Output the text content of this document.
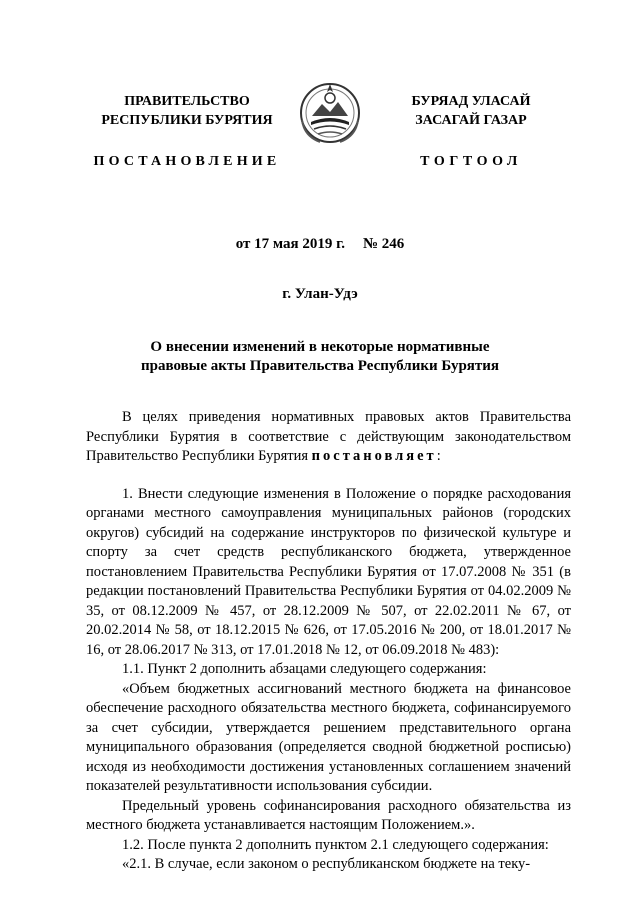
ПРАВИТЕЛЬСТВО
РЕСПУБЛИКИ БУРЯТИЯ
ПОСТАНОВЛЕНИЕ
БУРЯАД УЛАСАЙ
ЗАСАГАЙ ГАЗАР
ТОГТООЛ
от 17 мая 2019 г. № 246
г. Улан-Удэ
О внесении изменений в некоторые нормативные
правовые акты Правительства Республики Бурятия

В целях приведения нормативных правовых актов Правительства Республики Бурятия в соответствие с действующим законодательством Правительство Республики Бурятия постановляет:

1. Внести следующие изменения в Положение о порядке расходования органами местного самоуправления муниципальных районов (городских округов) субсидий на содержание инструкторов по физической культуре и спорту за счет средств республиканского бюджета, утвержденное постановлением Правительства Республики Бурятия от 17.07.2008 № 351 (в редакции постановлений Правительства Республики Бурятия от 04.02.2009 № 35, от 08.12.2009 № 457, от 28.12.2009 № 507, от 22.02.2011 № 67, от 20.02.2014 № 58, от 18.12.2015 № 626, от 17.05.2016 № 200, от 18.01.2017 № 16, от 28.06.2017 № 313, от 17.01.2018 № 12, от 06.09.2018 № 483):

1.1. Пункт 2 дополнить абзацами следующего содержания:

«Объем бюджетных ассигнований местного бюджета на финансовое обеспечение расходного обязательства местного бюджета, софинансируемого за счет субсидии, утверждается решением представительного органа муниципального образования (определяется сводной бюджетной росписью) исходя из необходимости достижения установленных соглашением значений показателей результативности использования субсидии.

Предельный уровень софинансирования расходного обязательства из местного бюджета устанавливается настоящим Положением.».

1.2. После пункта 2 дополнить пунктом 2.1 следующего содержания:

«2.1. В случае, если законом о республиканском бюджете на теку-
